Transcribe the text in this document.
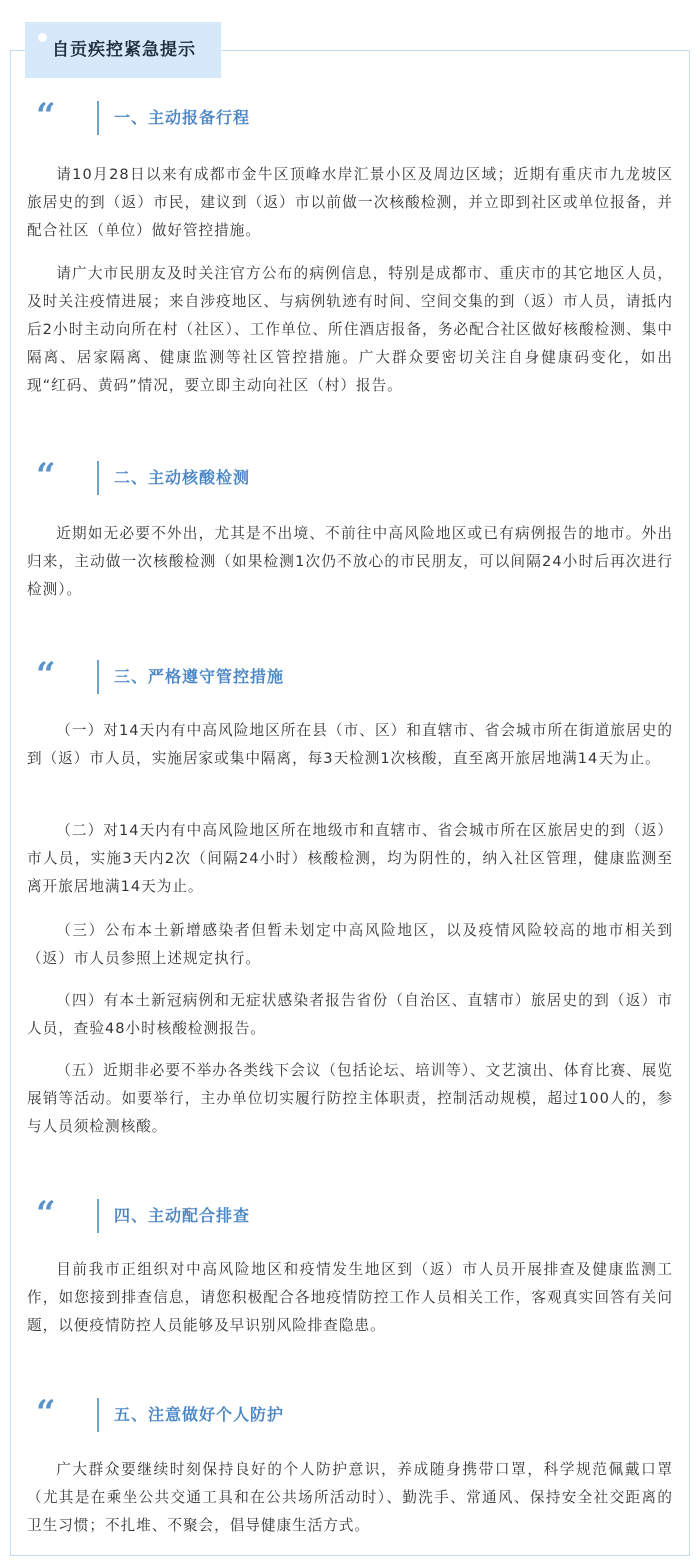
自贡疾控紧急提示
“	一、主动报备行程
请10月28日以来有成都市金牛区顶峰水岸汇景小区及周边区域；近期有重庆市九龙坡区旅居史的到（返）市民，建议到（返）市以前做一次核酸检测，并立即到社区或单位报备，并配合社区（单位）做好管控措施。
请广大市民朋友及时关注官方公布的病例信息，特别是成都市、重庆市的其它地区人员，及时关注疫情进展；来自涉疫地区、与病例轨迹有时间、空间交集的到（返）市人员，请抵内后2小时主动向所在村（社区）、工作单位、所住酒店报备，务必配合社区做好核酸检测、集中隔离、居家隔离、健康监测等社区管控措施。广大群众要密切关注自身健康码变化，如出现“红码、黄码”情况，要立即主动向社区（村）报告。
“	二、主动核酸检测
近期如无必要不外出，尤其是不出境、不前往中高风险地区或已有病例报告的地市。外出归来，主动做一次核酸检测（如果检测1次仍不放心的市民朋友，可以间隔24小时后再次进行检测）。
“	三、严格遵守管控措施
（一）对14天内有中高风险地区所在县（市、区）和直辖市、省会城市所在街道旅居史的到（返）市人员，实施居家或集中隔离，每3天检测1次核酸，直至离开旅居地满14天为止。
（二）对14天内有中高风险地区所在地级市和直辖市、省会城市所在区旅居史的到（返）市人员，实施3天内2次（间隔24小时）核酸检测，均为阴性的，纳入社区管理，健康监测至离开旅居地满14天为止。
（三）公布本土新增感染者但暂未划定中高风险地区，以及疫情风险较高的地市相关到（返）市人员参照上述规定执行。
（四）有本土新冠病例和无症状感染者报告省份（自治区、直辖市）旅居史的到（返）市人员，查验48小时核酸检测报告。
（五）近期非必要不举办各类线下会议（包括论坛、培训等）、文艺演出、体育比赛、展览展销等活动。如要举行，主办单位切实履行防控主体职责，控制活动规模，超过100人的，参与人员须检测核酸。
“	四、主动配合排查
目前我市正组织对中高风险地区和疫情发生地区到（返）市人员开展排查及健康监测工作，如您接到排查信息，请您积极配合各地疫情防控工作人员相关工作，客观真实回答有关问题，以便疫情防控人员能够及早识别风险排查隐患。
“	五、注意做好个人防护
广大群众要继续时刻保持良好的个人防护意识，养成随身携带口罩，科学规范佩戴口罩（尤其是在乘坐公共交通工具和在公共场所活动时）、勤洗手、常通风、保持安全社交距离的卫生习惯；不扎堆、不聚会，倡导健康生活方式。
